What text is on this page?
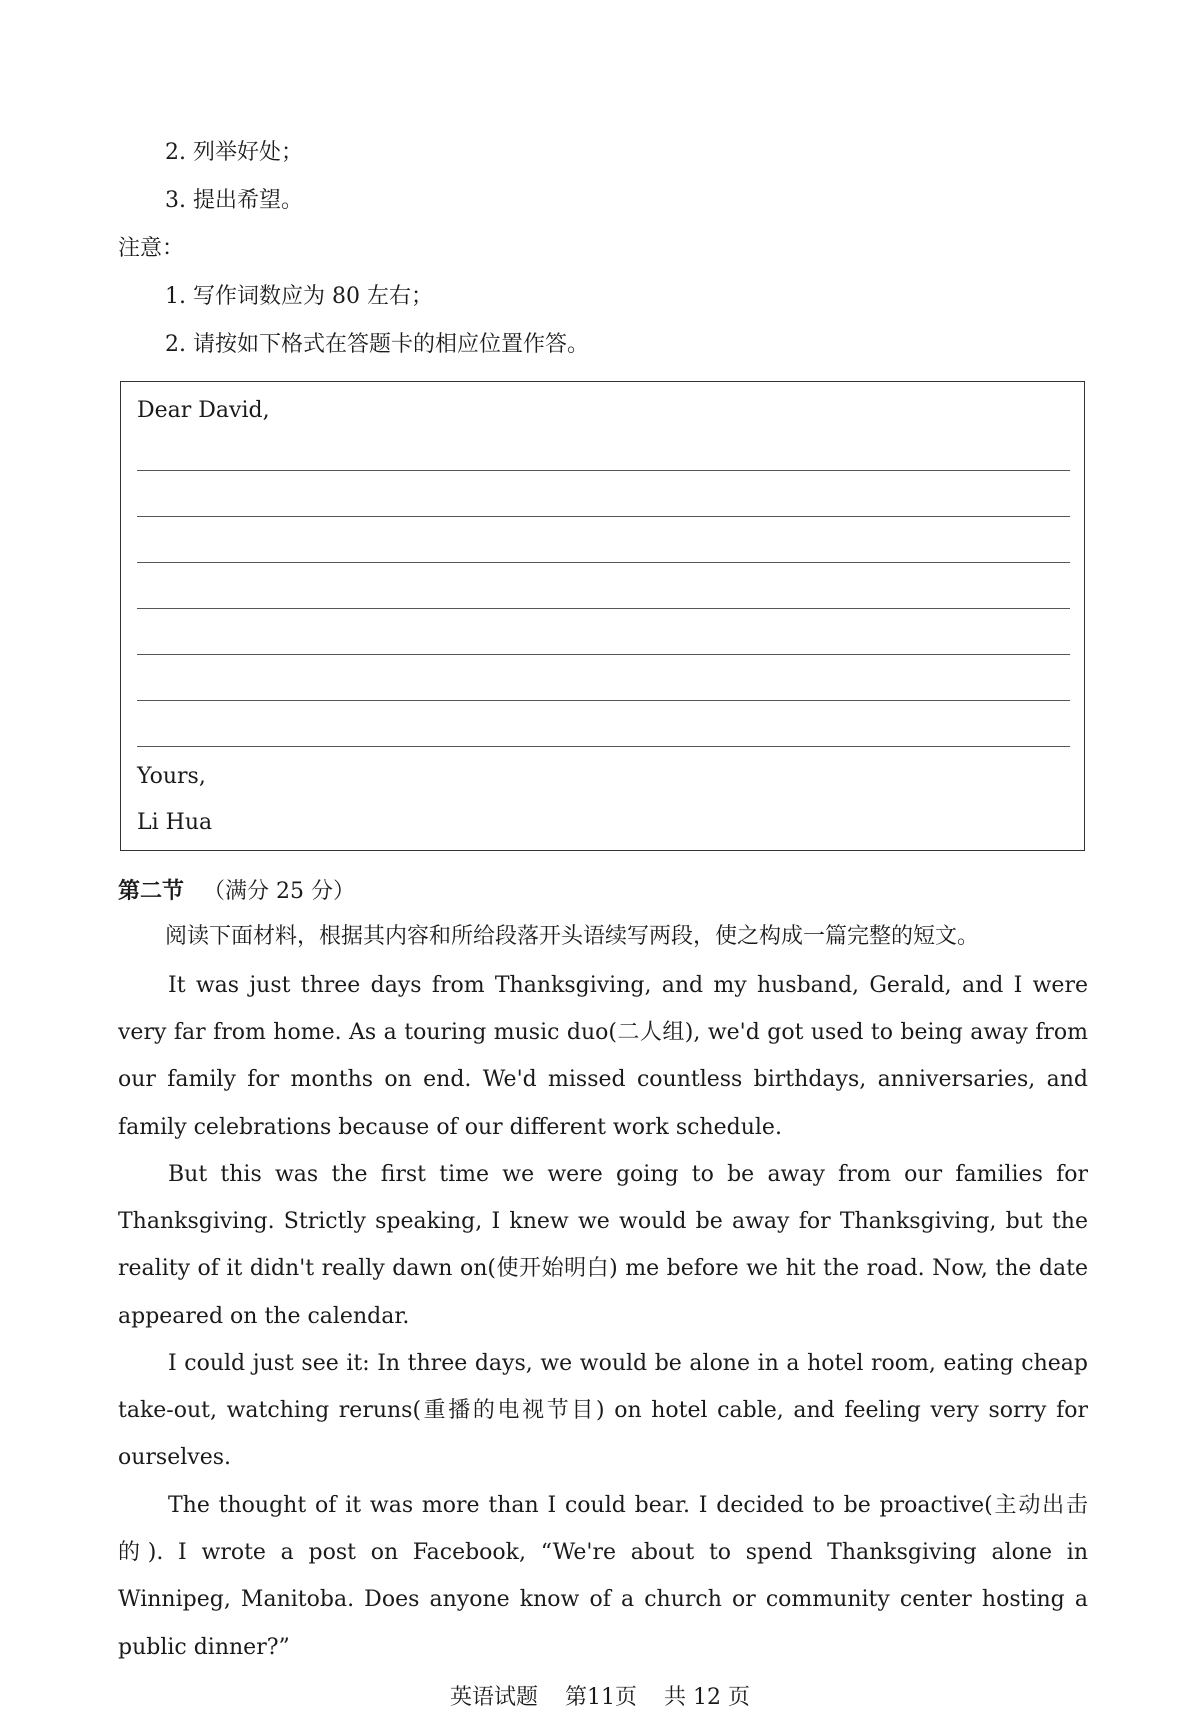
2. 列举好处；
3. 提出希望。
注意：
1. 写作词数应为 80 左右；
2. 请按如下格式在答题卡的相应位置作答。
Dear David,
Yours,
Li Hua
第二节 （满分 25 分）
阅读下面材料，根据其内容和所给段落开头语续写两段，使之构成一篇完整的短文。
It was just three days from Thanksgiving, and my husband, Gerald, and I were very far from home. As a touring music duo(二人组), we'd got used to being away from our family for months on end. We'd missed countless birthdays, anniversaries, and family celebrations because of our different work schedule.
But this was the first time we were going to be away from our families for Thanksgiving. Strictly speaking, I knew we would be away for Thanksgiving, but the reality of it didn't really dawn on(使开始明白) me before we hit the road. Now, the date appeared on the calendar.
I could just see it: In three days, we would be alone in a hotel room, eating cheap take-out, watching reruns(重播的电视节目) on hotel cable, and feeling very sorry for ourselves.
The thought of it was more than I could bear. I decided to be proactive(主动出击的). I wrote a post on Facebook, “We're about to spend Thanksgiving alone in Winnipeg, Manitoba. Does anyone know of a church or community center hosting a public dinner?”
英语试题 第11页 共 12 页
